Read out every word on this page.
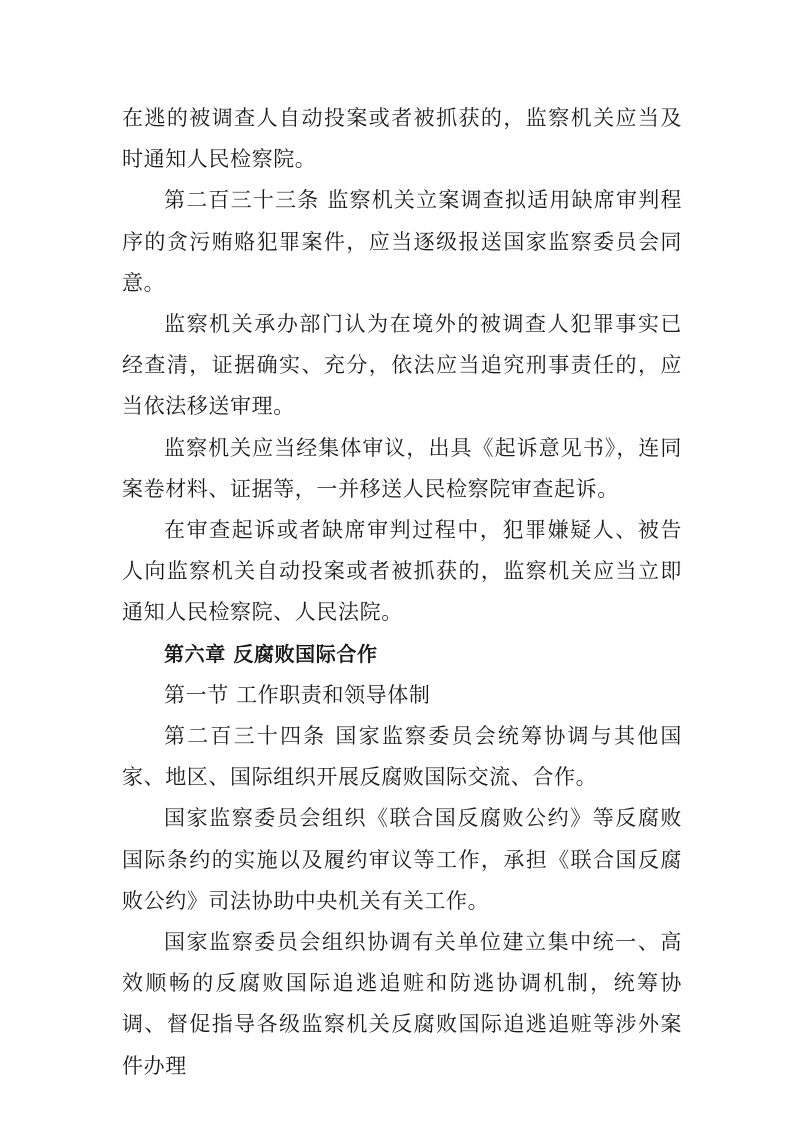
在逃的被调查人自动投案或者被抓获的，监察机关应当及时通知人民检察院。

第二百三十三条 监察机关立案调查拟适用缺席审判程序的贪污贿赂犯罪案件，应当逐级报送国家监察委员会同意。

监察机关承办部门认为在境外的被调查人犯罪事实已经查清，证据确实、充分，依法应当追究刑事责任的，应当依法移送审理。

监察机关应当经集体审议，出具《起诉意见书》，连同案卷材料、证据等，一并移送人民检察院审查起诉。

在审查起诉或者缺席审判过程中，犯罪嫌疑人、被告人向监察机关自动投案或者被抓获的，监察机关应当立即通知人民检察院、人民法院。

第六章 反腐败国际合作

第一节 工作职责和领导体制

第二百三十四条 国家监察委员会统筹协调与其他国家、地区、国际组织开展反腐败国际交流、合作。

国家监察委员会组织《联合国反腐败公约》等反腐败国际条约的实施以及履约审议等工作，承担《联合国反腐败公约》司法协助中央机关有关工作。

国家监察委员会组织协调有关单位建立集中统一、高效顺畅的反腐败国际追逃追赃和防逃协调机制，统筹协调、督促指导各级监察机关反腐败国际追逃追赃等涉外案件办理
